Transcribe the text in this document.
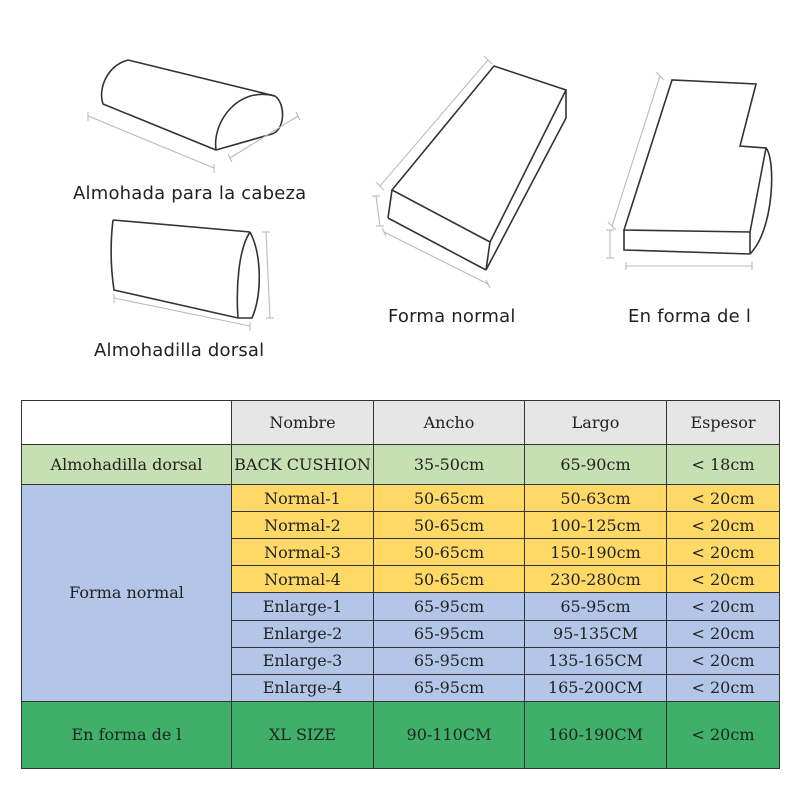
Almohada para la cabeza
Almohadilla dorsal
Forma normal	En forma de l
	Nombre	Ancho	Largo	Espesor
Almohadilla dorsal	BACK CUSHION	35-50cm	65-90cm	< 18cm
Forma normal	Normal-1	50-65cm	50-63cm	< 20cm
	Normal-2	50-65cm	100-125cm	< 20cm
	Normal-3	50-65cm	150-190cm	< 20cm
	Normal-4	50-65cm	230-280cm	< 20cm
	Enlarge-1	65-95cm	65-95cm	< 20cm
	Enlarge-2	65-95cm	95-135CM	< 20cm
	Enlarge-3	65-95cm	135-165CM	< 20cm
	Enlarge-4	65-95cm	165-200CM	< 20cm
En forma de l	XL SIZE	90-110CM	160-190CM	< 20cm
